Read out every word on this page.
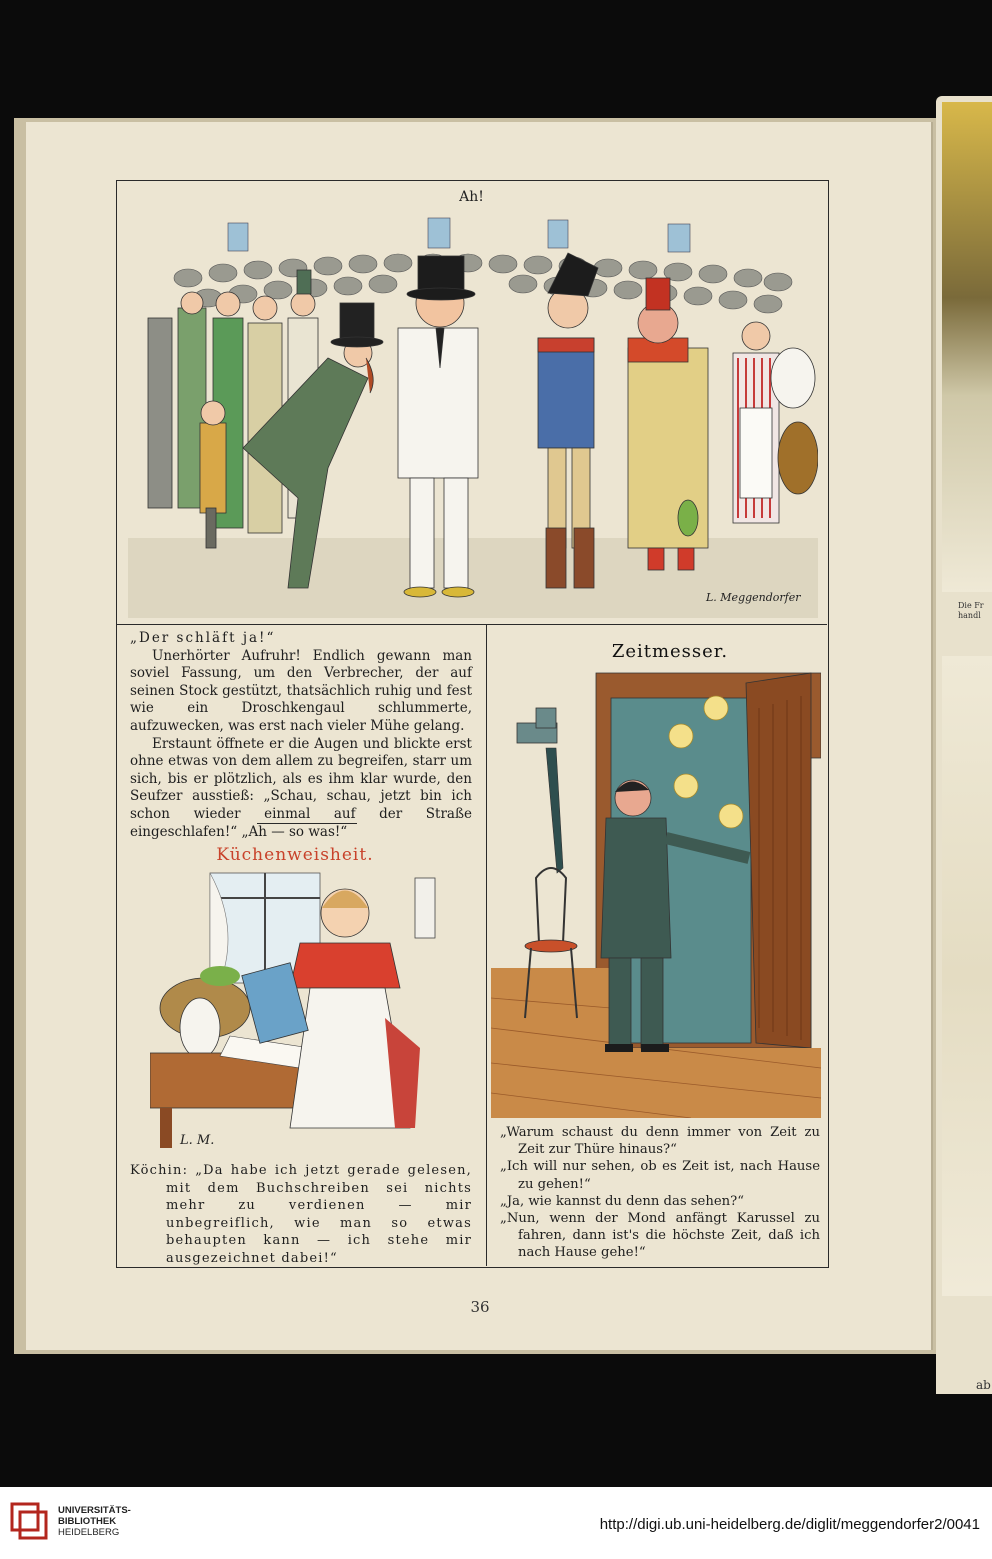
Die Fr handl
ab
Ah!
L. Meggendorfer

„Der schläft ja!“

Unerhörter Aufruhr! Endlich gewann man soviel Fassung, um den Verbrecher, der auf seinen Stock gestützt, thatsächlich ruhig und fest wie ein Droschkengaul schlummerte, aufzuwecken, was erst nach vieler Mühe gelang.

Erstaunt öffnete er die Augen und blickte erst ohne etwas von dem allem zu begreifen, starr um sich, bis er plötzlich, als es ihm klar wurde, den Seufzer ausstieß: „Schau, schau, jetzt bin ich schon wieder einmal auf der Straße eingeschlafen!“ „Ah — so was!“

Küchenweisheit.
L. M.

Köchin: „Da habe ich jetzt gerade gelesen, mit dem Buchschreiben sei nichts mehr zu verdienen — mir unbegreiflich, wie man so etwas behaupten kann — ich stehe mir ausgezeichnet dabei!“

Zeitmesser.

„Warum schaust du denn immer von Zeit zu Zeit zur Thüre hinaus?“

„Ich will nur sehen, ob es Zeit ist, nach Hause zu gehen!“

„Ja, wie kannst du denn das sehen?“

„Nun, wenn der Mond anfängt Karussel zu fahren, dann ist's die höchste Zeit, daß ich nach Hause gehe!“

36
UNIVERSITÄTS-
BIBLIOTHEK
HEIDELBERG	http://digi.ub.uni-heidelberg.de/diglit/meggendorfer2/0041
